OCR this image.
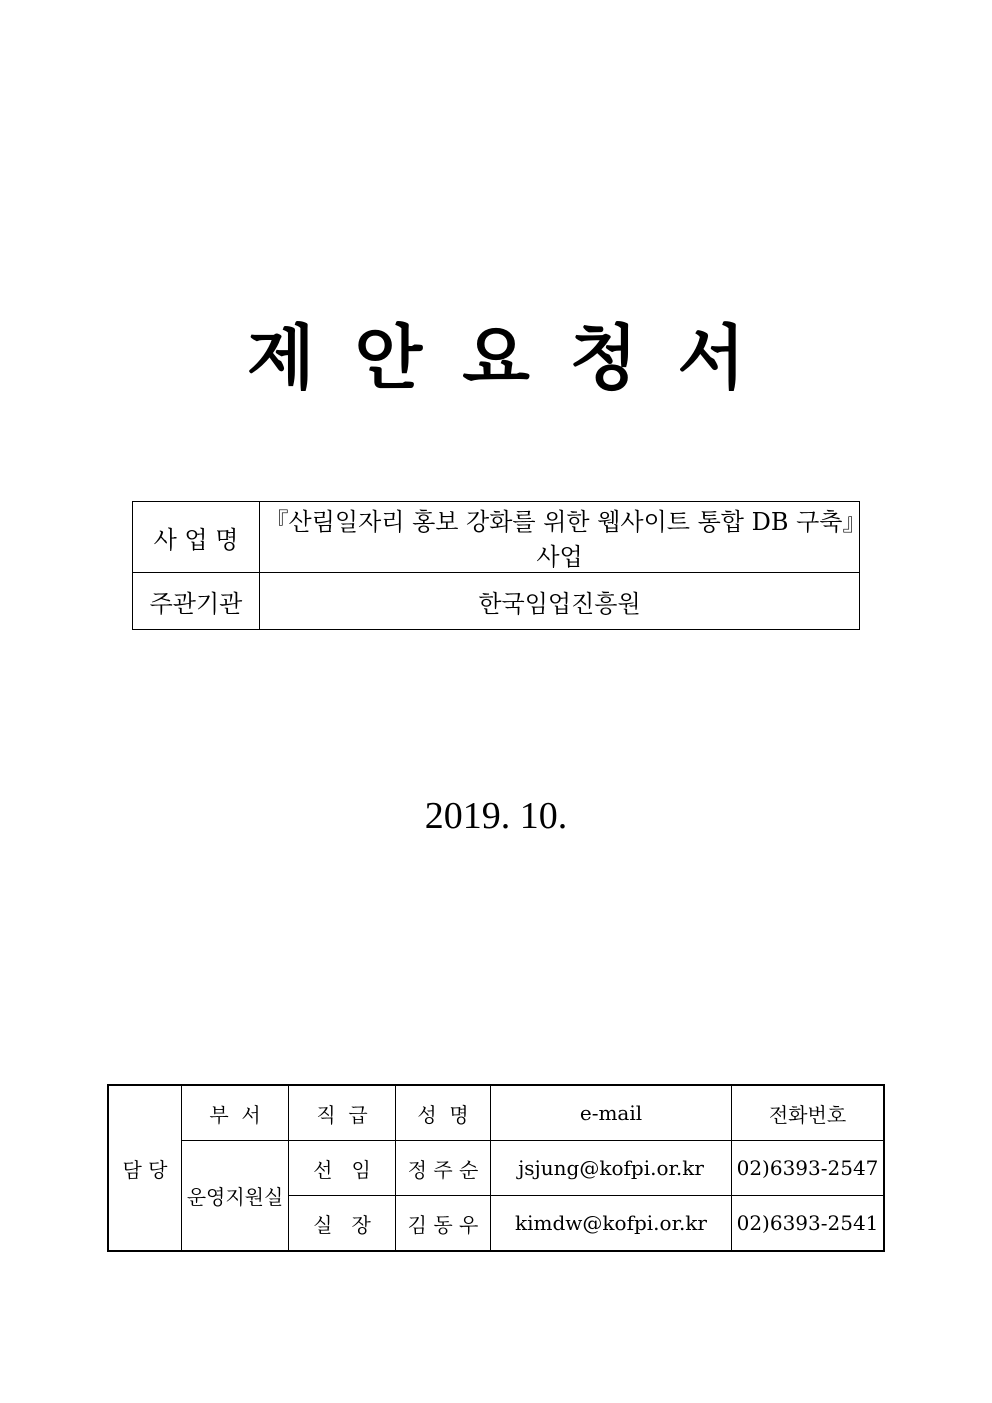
제 안 요 청 서
사 업 명	『산림일자리 홍보 강화를 위한 웹사이트 통합 DB 구축』사업
주관기관	한국임업진흥원
2019. 10.
담 당	부  서	직  급	성  명	e-mail	전화번호
	운영지원실	선   임	정 주 순	jsjung@kofpi.or.kr	02)6393-2547
		실   장	김 동 우	kimdw@kofpi.or.kr	02)6393-2541
